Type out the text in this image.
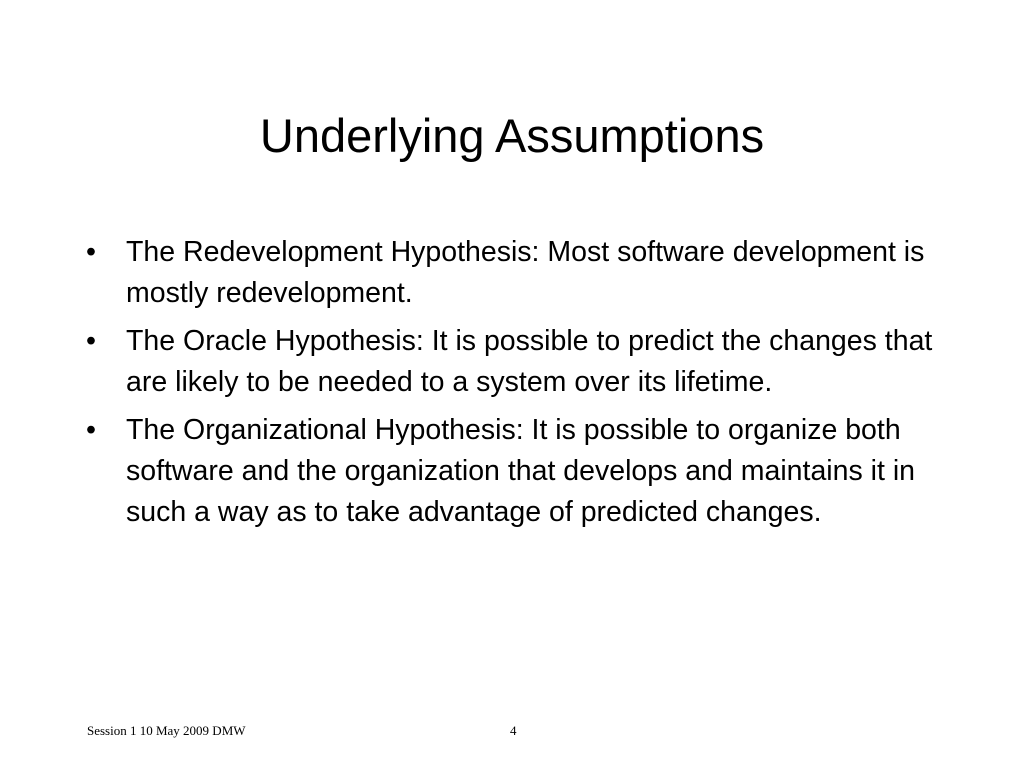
Underlying Assumptions
•	The Redevelopment Hypothesis: Most software development is mostly redevelopment.
•	The Oracle Hypothesis: It is possible to predict the changes that are likely to be needed to a system over its lifetime.
•	The Organizational Hypothesis: It is possible to organize both software and the organization that develops and maintains it in such a way as to take advantage of predicted changes.
Session 1 10 May 2009 DMW	4
